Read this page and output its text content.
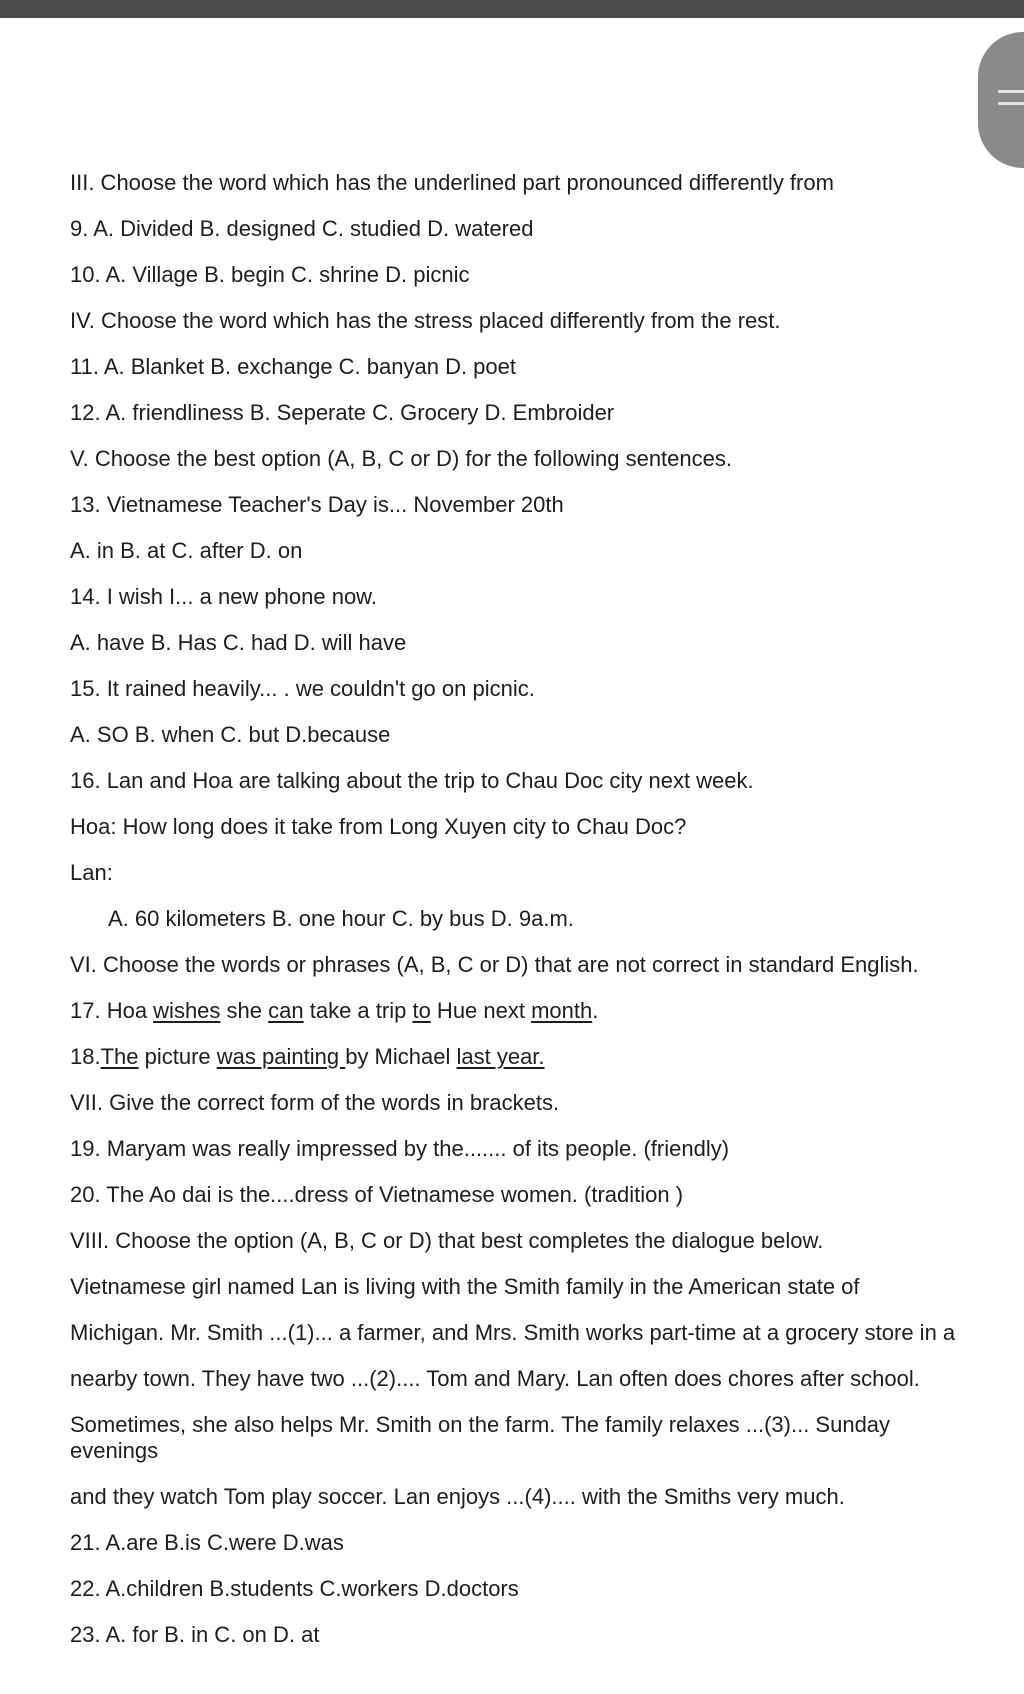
III. Choose the word which has the underlined part pronounced differently from

9. A. Divided B. designed C. studied D. watered

10. A. Village B. begin C. shrine D. picnic

IV. Choose the word which has the stress placed differently from the rest.

11. A. Blanket B. exchange C. banyan D. poet

12. A. friendliness B. Seperate C. Grocery D. Embroider

V. Choose the best option (A, B, C or D) for the following sentences.

13. Vietnamese Teacher's Day is... November 20th

A. in B. at C. after D. on

14. I wish I... a new phone now.

A. have B. Has C. had D. will have

15. It rained heavily... . we couldn't go on picnic.

A. SO B. when C. but D.because

16. Lan and Hoa are talking about the trip to Chau Doc city next week.

Hoa: How long does it take from Long Xuyen city to Chau Doc?

Lan:

A. 60 kilometers B. one hour C. by bus D. 9a.m.

VI. Choose the words or phrases (A, B, C or D) that are not correct in standard English.

17. Hoa wishes she can take a trip to Hue next month.

18.The picture was painting by Michael last year.

VII. Give the correct form of the words in brackets.

19. Maryam was really impressed by the....... of its people. (friendly)

20. The Ao dai is the....dress of Vietnamese women. (tradition )

VIII. Choose the option (A, B, C or D) that best completes the dialogue below.

Vietnamese girl named Lan is living with the Smith family in the American state of

Michigan. Mr. Smith ...(1)... a farmer, and Mrs. Smith works part-time at a grocery store in a

nearby town. They have two ...(2).... Tom and Mary. Lan often does chores after school.

Sometimes, she also helps Mr. Smith on the farm. The family relaxes ...(3)... Sunday evenings

and they watch Tom play soccer. Lan enjoys ...(4).... with the Smiths very much.

21. A.are B.is C.were D.was

22. A.children B.students C.workers D.doctors

23. A. for B. in C. on D. at
